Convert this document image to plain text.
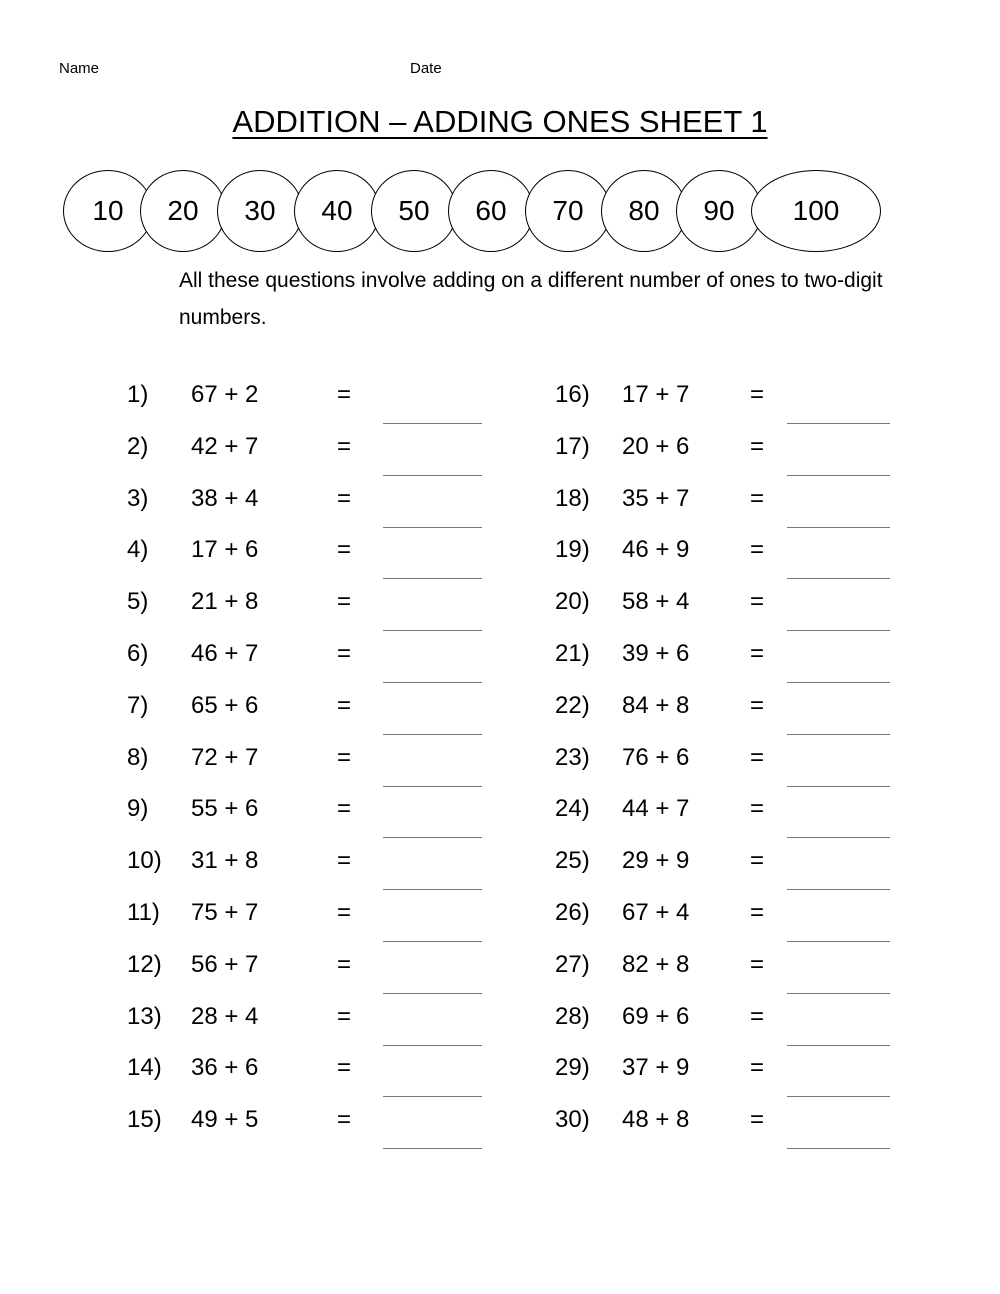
Name	Date
ADDITION – ADDING ONES SHEET 1
10	20	30	40	50	60	70	80	90	100
All these questions involve adding on a different number of ones to two-digit numbers.
1) 67 + 2	=
2) 42 + 7	=
3) 38 + 4	=
4) 17 + 6	=
5) 21 + 8	=
6) 46 + 7	=
7) 65 + 6	=
8) 72 + 7	=
9) 55 + 6	=
10) 31 + 8	=
11) 75 + 7	=
12) 56 + 7	=
13) 28 + 4	=
14) 36 + 6	=
15) 49 + 5	=
16) 17 + 7	=
17) 20 + 6	=
18) 35 + 7	=
19) 46 + 9	=
20) 58 + 4	=
21) 39 + 6	=
22) 84 + 8	=
23) 76 + 6	=
24) 44 + 7	=
25) 29 + 9	=
26) 67 + 4	=
27) 82 + 8	=
28) 69 + 6	=
29) 37 + 9	=
30) 48 + 8	=
